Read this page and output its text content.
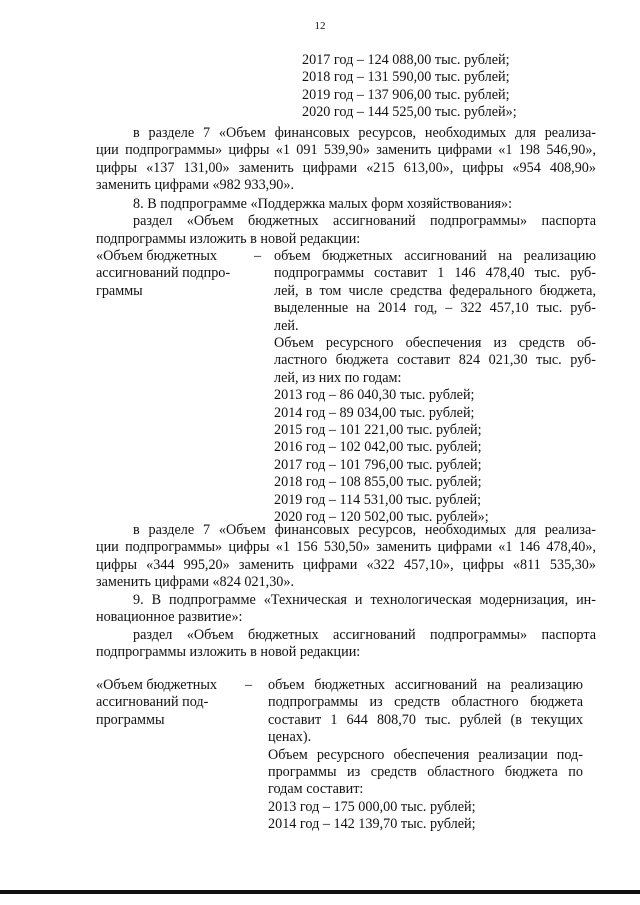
12
2017 год – 124 088,00 тыс. рублей;
2018 год – 131 590,00 тыс. рублей;
2019 год – 137 906,00 тыс. рублей;
2020 год – 144 525,00 тыс. рублей»;
в разделе 7 «Объем финансовых ресурсов, необходимых для реализа-
ции подпрограммы» цифры «1 091 539,90» заменить цифрами «1 198 546,90»,
цифры «137 131,00» заменить цифрами «215 613,00», цифры «954 408,90»
заменить цифрами «982 933,90».
8. В подпрограмме «Поддержка малых форм хозяйствования»:
раздел «Объем бюджетных ассигнований подпрограммы» паспорта
подпрограммы изложить в новой редакции:
«Объем бюджетных
ассигнований подпро-
граммы
– объем бюджетных ассигнований на реализацию
подпрограммы составит 1 146 478,40 тыс. руб-
лей, в том числе средства федерального бюджета,
выделенные на 2014 год, – 322 457,10 тыс. руб-
лей.
Объем ресурсного обеспечения из средств об-
ластного бюджета составит 824 021,30 тыс. руб-
лей, из них по годам:
2013 год – 86 040,30 тыс. рублей;
2014 год – 89 034,00 тыс. рублей;
2015 год – 101 221,00 тыс. рублей;
2016 год – 102 042,00 тыс. рублей;
2017 год – 101 796,00 тыс. рублей;
2018 год – 108 855,00 тыс. рублей;
2019 год – 114 531,00 тыс. рублей;
2020 год – 120 502,00 тыс. рублей»;
в разделе 7 «Объем финансовых ресурсов, необходимых для реализа-
ции подпрограммы» цифры «1 156 530,50» заменить цифрами «1 146 478,40»,
цифры «344 995,20» заменить цифрами «322 457,10», цифры «811 535,30»
заменить цифрами «824 021,30».
9. В подпрограмме «Техническая и технологическая модернизация, ин-
новационное развитие»:
раздел «Объем бюджетных ассигнований подпрограммы» паспорта
подпрограммы изложить в новой редакции:
«Объем бюджетных
ассигнований под-
программы
– объем бюджетных ассигнований на реализацию
подпрограммы из средств областного бюджета
составит 1 644 808,70 тыс. рублей (в текущих
ценах).
Объем ресурсного обеспечения реализации под-
программы из средств областного бюджета по
годам составит:
2013 год – 175 000,00 тыс. рублей;
2014 год – 142 139,70 тыс. рублей;
